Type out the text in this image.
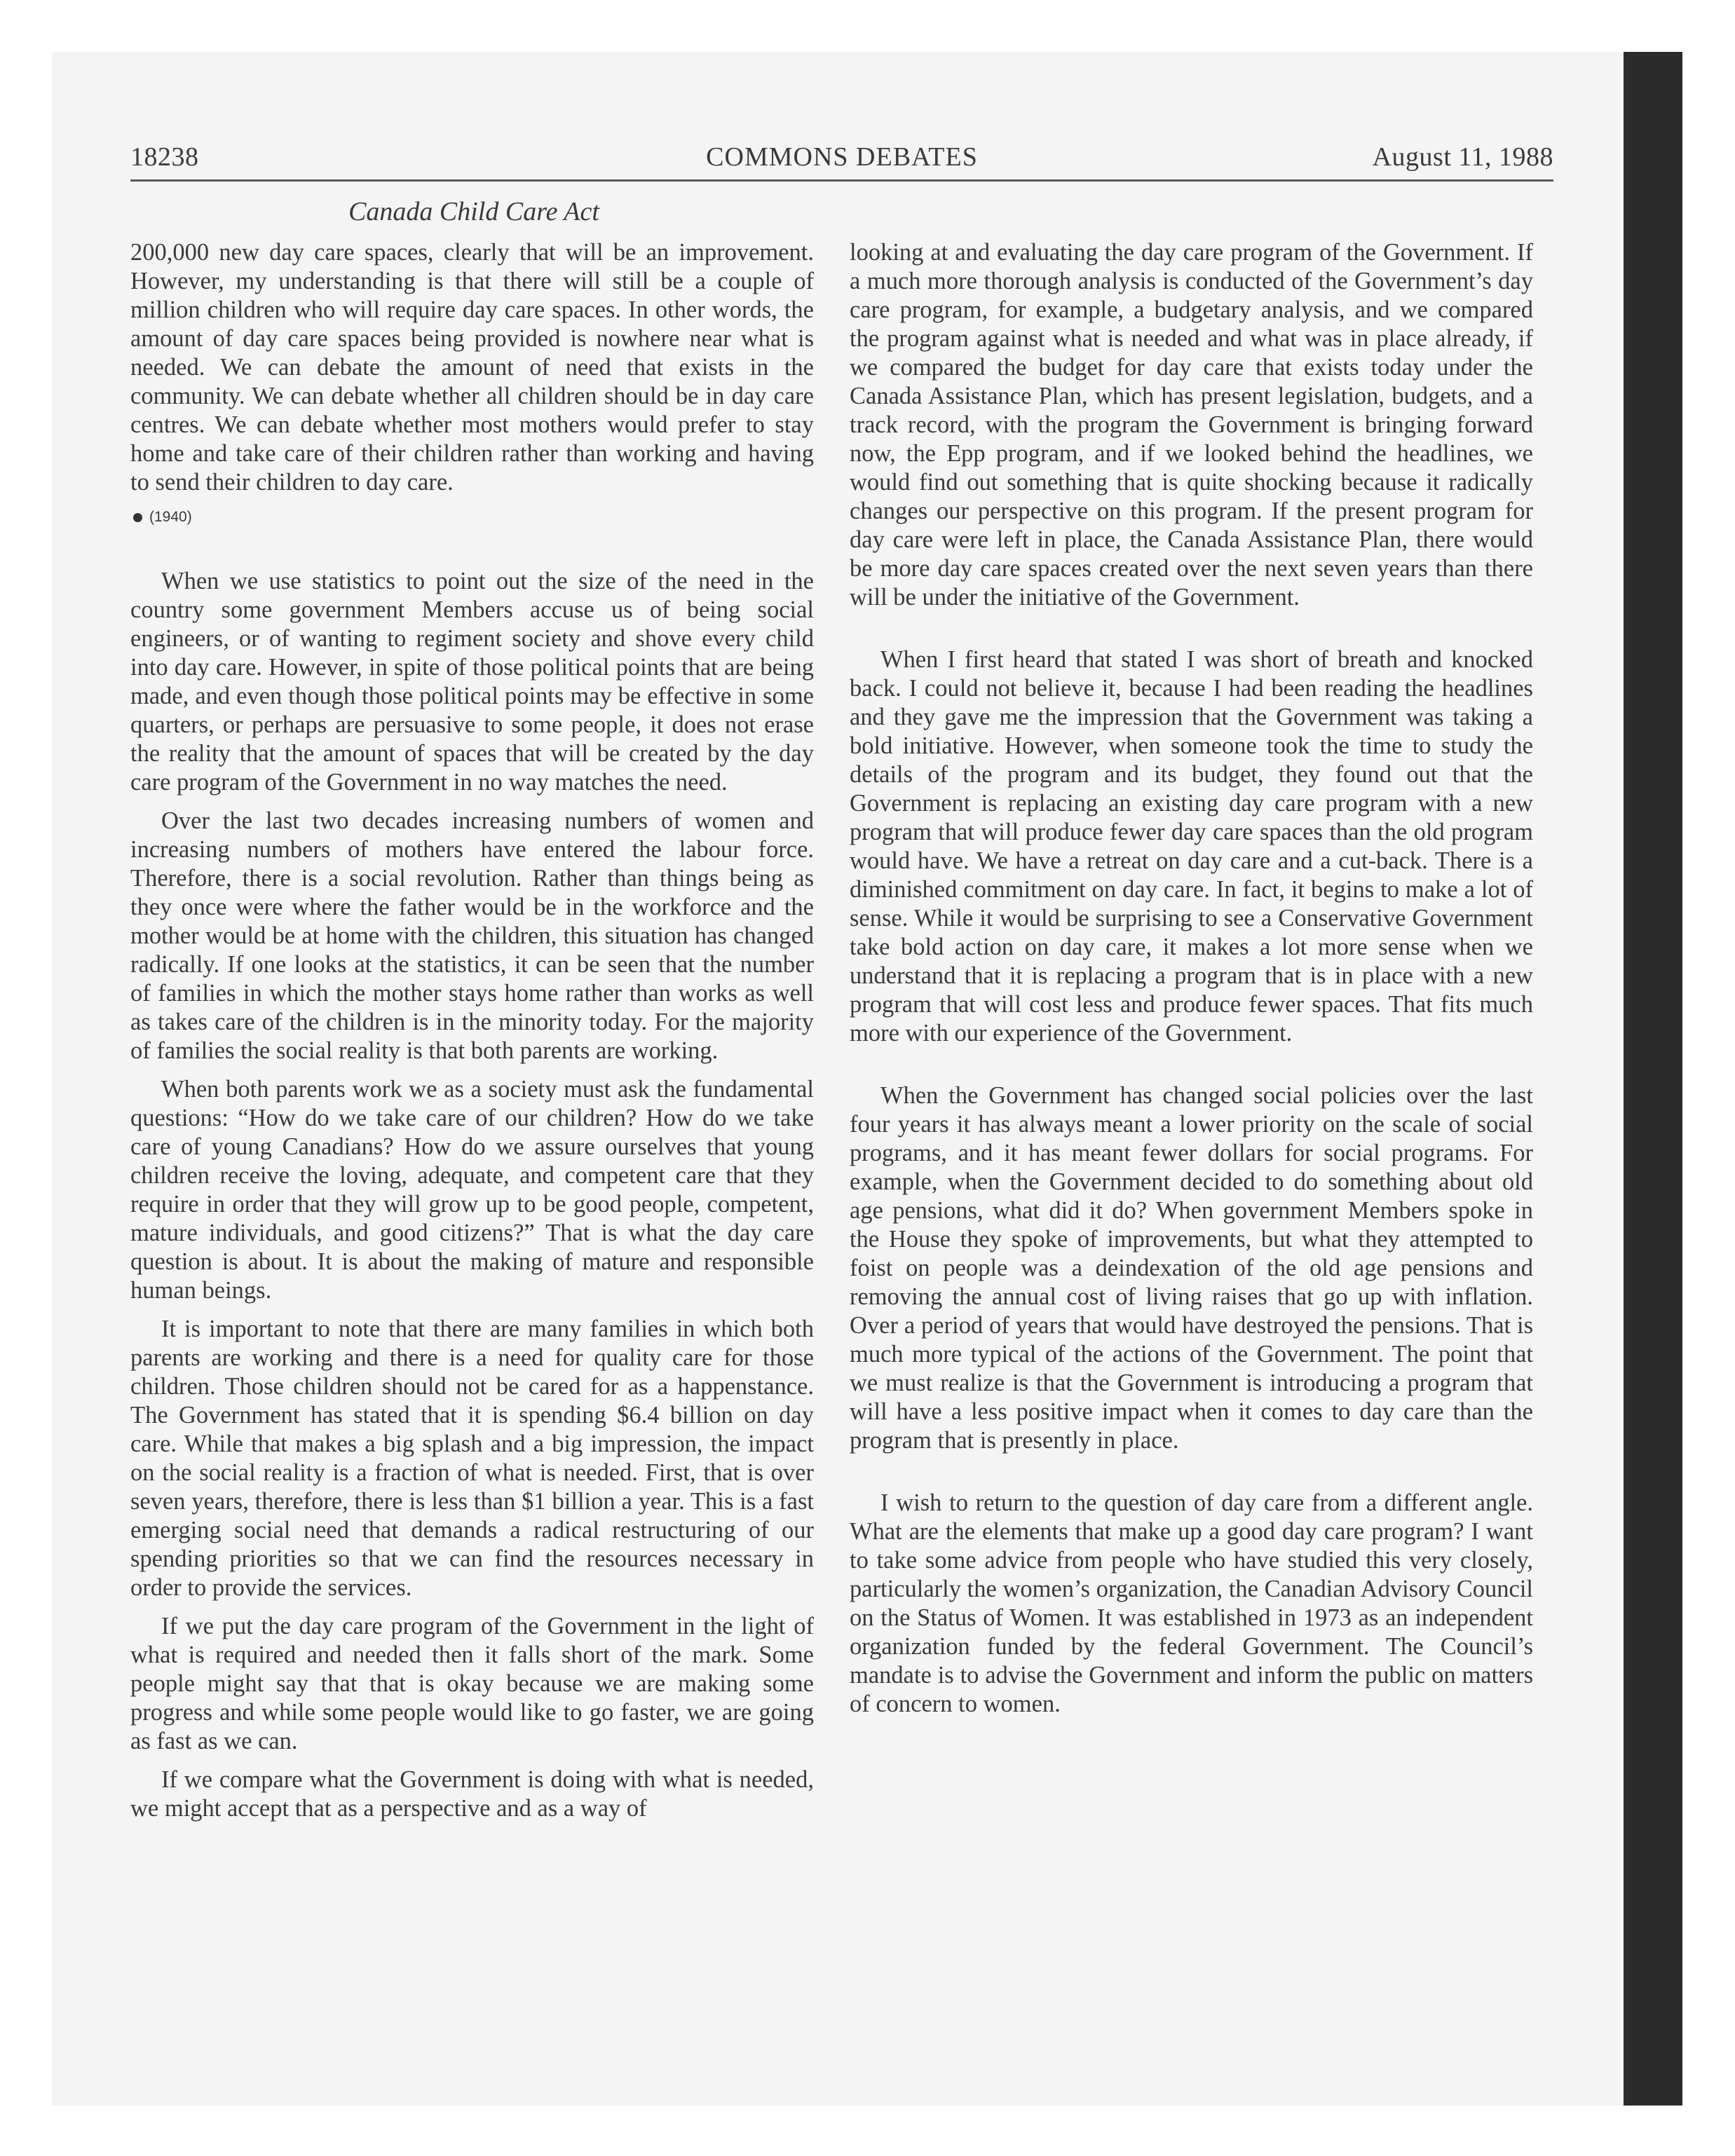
18238	COMMONS DEBATES	August 11, 1988
Canada Child Care Act

200,000 new day care spaces, clearly that will be an improvement. However, my understanding is that there will still be a couple of million children who will require day care spaces. In other words, the amount of day care spaces being provided is nowhere near what is needed. We can debate the amount of need that exists in the community. We can debate whether all children should be in day care centres. We can debate whether most mothers would prefer to stay home and take care of their children rather than working and having to send their children to day care.

(1940)

When we use statistics to point out the size of the need in the country some government Members accuse us of being social engineers, or of wanting to regiment society and shove every child into day care. However, in spite of those political points that are being made, and even though those political points may be effective in some quarters, or perhaps are persuasive to some people, it does not erase the reality that the amount of spaces that will be created by the day care program of the Government in no way matches the need.

Over the last two decades increasing numbers of women and increasing numbers of mothers have entered the labour force. Therefore, there is a social revolution. Rather than things being as they once were where the father would be in the workforce and the mother would be at home with the children, this situation has changed radically. If one looks at the statistics, it can be seen that the number of families in which the mother stays home rather than works as well as takes care of the children is in the minority today. For the majority of families the social reality is that both parents are working.

When both parents work we as a society must ask the fundamental questions: “How do we take care of our children? How do we take care of young Canadians? How do we assure ourselves that young children receive the loving, adequate, and competent care that they require in order that they will grow up to be good people, competent, mature individuals, and good citizens?” That is what the day care question is about. It is about the making of mature and responsible human beings.

It is important to note that there are many families in which both parents are working and there is a need for quality care for those children. Those children should not be cared for as a happenstance. The Government has stated that it is spending $6.4 billion on day care. While that makes a big splash and a big impression, the impact on the social reality is a fraction of what is needed. First, that is over seven years, therefore, there is less than $1 billion a year. This is a fast emerging social need that demands a radical restructuring of our spending priorities so that we can find the resources necessary in order to provide the services.

If we put the day care program of the Government in the light of what is required and needed then it falls short of the mark. Some people might say that that is okay because we are making some progress and while some people would like to go faster, we are going as fast as we can.

If we compare what the Government is doing with what is needed, we might accept that as a perspective and as a way of

looking at and evaluating the day care program of the Government. If a much more thorough analysis is conducted of the Government’s day care program, for example, a budgetary analysis, and we compared the program against what is needed and what was in place already, if we compared the budget for day care that exists today under the Canada Assistance Plan, which has present legislation, budgets, and a track record, with the program the Government is bringing forward now, the Epp program, and if we looked behind the headlines, we would find out something that is quite shocking because it radically changes our perspective on this program. If the present program for day care were left in place, the Canada Assistance Plan, there would be more day care spaces created over the next seven years than there will be under the initiative of the Government.

When I first heard that stated I was short of breath and knocked back. I could not believe it, because I had been reading the headlines and they gave me the impression that the Government was taking a bold initiative. However, when someone took the time to study the details of the program and its budget, they found out that the Government is replacing an existing day care program with a new program that will produce fewer day care spaces than the old program would have. We have a retreat on day care and a cut-back. There is a diminished commitment on day care. In fact, it begins to make a lot of sense. While it would be surprising to see a Conservative Government take bold action on day care, it makes a lot more sense when we understand that it is replacing a program that is in place with a new program that will cost less and produce fewer spaces. That fits much more with our experience of the Government.

When the Government has changed social policies over the last four years it has always meant a lower priority on the scale of social programs, and it has meant fewer dollars for social programs. For example, when the Government decided to do something about old age pensions, what did it do? When government Members spoke in the House they spoke of improvements, but what they attempted to foist on people was a deindexation of the old age pensions and removing the annual cost of living raises that go up with inflation. Over a period of years that would have destroyed the pensions. That is much more typical of the actions of the Government. The point that we must realize is that the Government is introducing a program that will have a less positive impact when it comes to day care than the program that is presently in place.

I wish to return to the question of day care from a different angle. What are the elements that make up a good day care program? I want to take some advice from people who have studied this very closely, particularly the women’s organization, the Canadian Advisory Council on the Status of Women. It was established in 1973 as an independent organization funded by the federal Government. The Council’s mandate is to advise the Government and inform the public on matters of concern to women.
